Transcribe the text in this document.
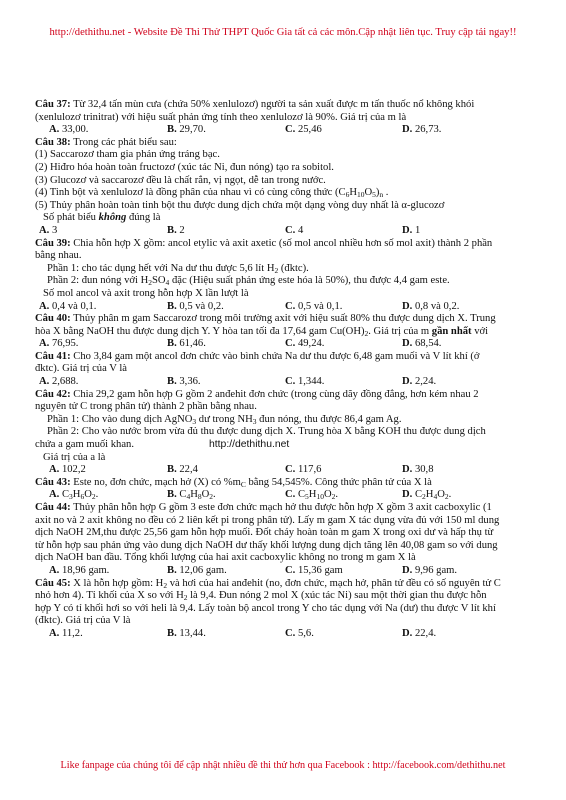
http://dethithu.net - Website Đề Thi Thử THPT Quốc Gia tất cả các môn.Cập nhật liên tục. Truy cập tải ngay!!
Câu 37: Từ 32,4 tấn mùn cưa (chứa 50% xenlulozơ) người ta sản xuất được m tấn thuốc nổ không khói
(xenlulozơ trinitrat) với hiệu suất phản ứng tính theo xenlulozơ là 90%. Giá trị của m là
A. 33,00.	B. 29,70.	C. 25,46	D. 26,73.
Câu 38: Trong các phát biểu sau:
(1) Saccarozơ tham gia phản ứng tráng bạc.
(2) Hiđro hóa hoàn toàn fructozơ (xúc tác Ni, đun nóng) tạo ra sobitol.
(3) Glucozơ và saccarozơ đều là chất rắn, vị ngọt, dễ tan trong nước.
(4) Tinh bột và xenlulozơ là đồng phân của nhau vì có cùng công thức $(C_6H_{10}O_5)_n$ .
(5) Thủy phân hoàn toàn tinh bột thu được dung dịch chứa một dạng vòng duy nhất là α-glucozơ
Số phát biểu không đúng là
A. 3	B. 2	C. 4	D. 1
Câu 39: Chia hỗn hợp X gồm: ancol etylic và axit axetic (số mol ancol nhiều hơn số mol axit) thành 2 phần
bằng nhau.
Phần 1: cho tác dụng hết với Na dư thu được 5,6 lít $H_2$ (đktc).
Phần 2: đun nóng với $H_2SO_4$ đặc (Hiệu suất phản ứng este hóa là 50%), thu được 4,4 gam este.
Số mol ancol và axit trong hỗn hợp X lần lượt là
A. 0,4 và 0,1.	B. 0,5 và 0,2.	C. 0,5 và 0,1.	D. 0,8 và 0,2.
Câu 40: Thủy phân m gam Saccarozơ trong môi trường axit với hiệu suất 80% thu được dung dịch X. Trung
hòa X bằng NaOH thu được dung dịch Y. Y hòa tan tối đa 17,64 gam $Cu(OH)_2$. Giá trị của m gần nhất với
A. 76,95.	B. 61,46.	C. 49,24.	D. 68,54.
Câu 41: Cho 3,84 gam một ancol đơn chức vào bình chứa Na dư thu được 6,48 gam muối và V lít khí (ở
đktc). Giá trị của V là
A. 2,688.	B. 3,36.	C. 1,344.	D. 2,24.
Câu 42: Chia 29,2 gam hỗn hợp G gồm 2 anđehit đơn chức (trong cùng dãy đồng đẳng, hơn kém nhau 2
nguyên tử C trong phân tử) thành 2 phần bằng nhau.
Phần 1: Cho vào dung dịch AgNO$_3$ dư trong $NH_3$ đun nóng, thu được 86,4 gam Ag.
Phần 2: Cho vào nước brom vừa đủ thu được dung dịch X. Trung hòa X bằng KOH thu được dung dịch
chứa a gam muối khan.	http://dethithu.net
Giá trị của a là
A. 102,2	B. 22,4	C. 117,6	D. 30,8
Câu 43: Este no, đơn chức, mạch hở (X) có $\%m_C$ bằng 54,545%. Công thức phân tử của X là
A. $C_3H_6O_2$.	B. $C_4H_8O_2$.	C. $C_5H_{10}O_2$.	D. $C_2H_4O_2$.
Câu 44: Thủy phân hỗn hợp G gồm 3 este đơn chức mạch hở thu được hỗn hợp X gồm 3 axit cacboxylic (1
axit no và 2 axit không no đều có 2 liên kết pi trong phân tử). Lấy m gam X tác dụng vừa đủ với 150 ml dung
dịch NaOH 2M,thu được 25,56 gam hỗn hợp muối. Đốt cháy hoàn toàn m gam X trong oxi dư và hấp thụ từ
từ hỗn hợp sau phản ứng vào dung dịch NaOH dư thấy khối lượng dung dịch tăng lên 40,08 gam so với dung
dịch NaOH ban đầu. Tổng khối lượng của hai axit cacboxylic không no trong m gam X là
A. 18,96 gam.	B. 12,06 gam.	C. 15,36 gam	D. 9,96 gam.
Câu 45: X là hỗn hợp gồm: $H_2$ và hơi của hai anđehit (no, đơn chức, mạch hở, phân tử đều có số nguyên tử C
nhỏ hơn 4). Tỉ khối của X so với $H_2$ là 9,4. Đun nóng 2 mol X (xúc tác Ni) sau một thời gian thu được hỗn
hợp Y có tỉ khối hơi so với heli là 9,4. Lấy toàn bộ ancol trong Y cho tác dụng với Na (dư) thu được V lít khí
(đktc). Giá trị của V là
A. 11,2.	B. 13,44.	C. 5,6.	D. 22,4.
Like fanpage của chúng tôi để cập nhật nhiều đề thi thử hơn qua Facebook : http://facebook.com/dethithu.net
